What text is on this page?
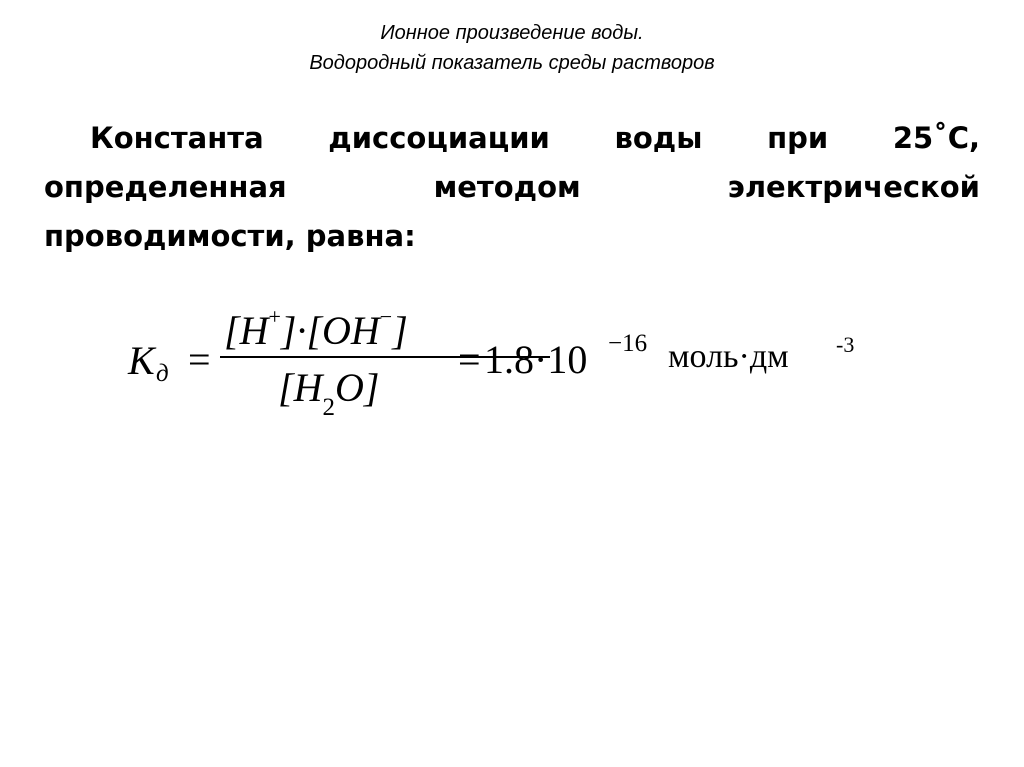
Ионное произведение воды.
Водородный показатель среды растворов
Константа диссоциации воды при 25˚С,
определенная	методом	электрической
проводимости, равна:
K д =
[H+]·[OH−]
$[H_2O]$
= 1.8·10 −16 моль·дм -3
